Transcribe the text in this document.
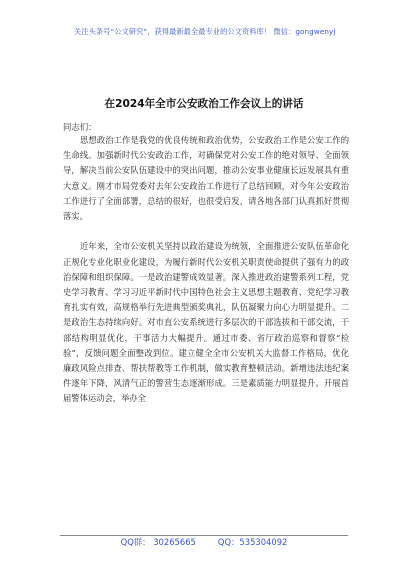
关注头条号“公文研究”，获得最新最全最专业的公文资料库！ 微信：gongwenyj
在2024年全市公安政治工作会议上的讲话
同志们：

思想政治工作是我党的优良传统和政治优势，公安政治工作是公安工作的生命线。加强新时代公安政治工作，对确保党对公安工作的绝对领导、全面领导，解决当前公安队伍建设中的突出问题，推动公安事业健康长远发展具有重大意义。刚才市局党委对去年公安政治工作进行了总结回顾，对今年公安政治工作进行了全面部署，总结的很好，也很受启发，请各地各部门认真抓好贯彻落实。

近年来，全市公安机关坚持以政治建设为统领，全面推进公安队伍革命化正规化专业化职业化建设，为履行新时代公安机关职责使命提供了强有力的政治保障和组织保障。一是政治建警成效显著。深入推进政治建警系列工程，党史学习教育、学习习近平新时代中国特色社会主义思想主题教育、党纪学习教育扎实有效，高规格举行先进典型颁奖典礼，队伍凝聚力向心力明显提升。二是政治生态持续向好。对市直公安系统进行多层次的干部选拔和干部交流，干部结构明显优化，干事活力大幅提升。通过市委、省厅政治巡察和督察“检验”，反馈问题全面整改到位。建立健全全市公安机关大监督工作格局，优化廉政风险点排查、帮扶帮教等工作机制，做实教育整顿活动。新增违法违纪案件逐年下降，风清气正的警营生态逐渐形成。三是素质能力明显提升。开展首届警体运动会，举办全

QQ群： 30265665	QQ：535304092
